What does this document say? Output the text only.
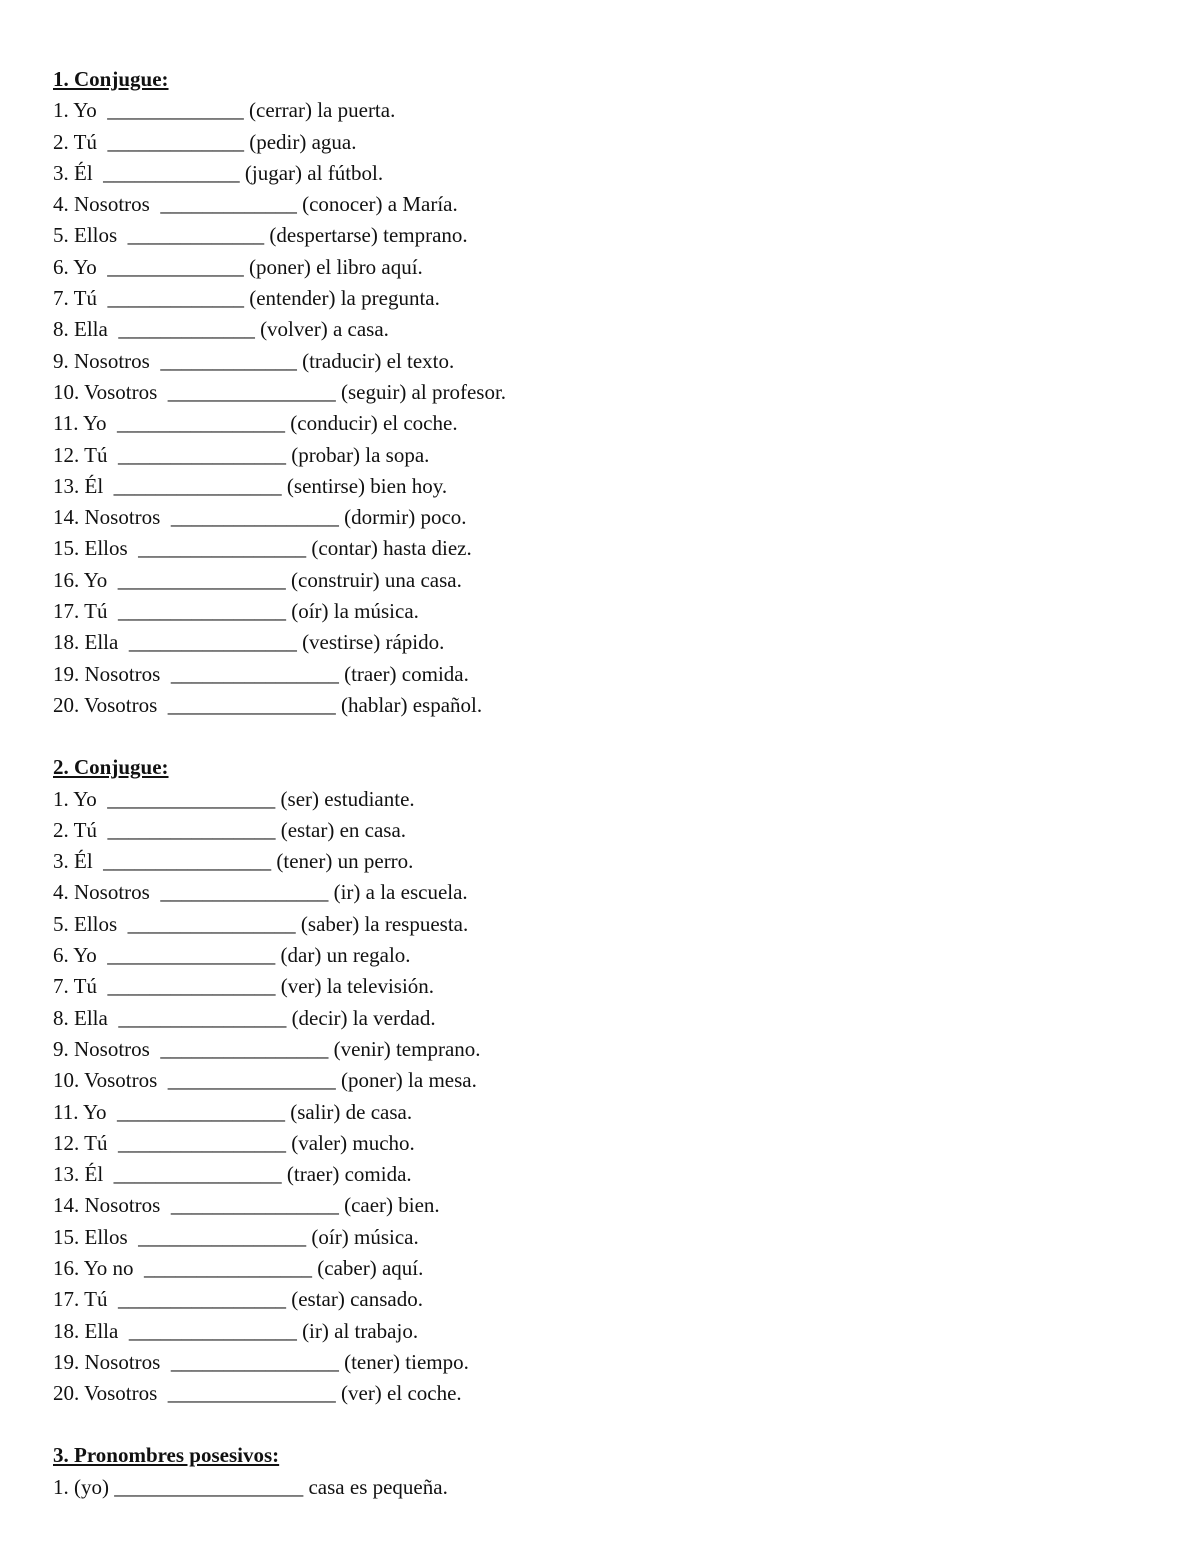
1. Conjugue:
1. Yo  _____________ (cerrar) la puerta.
2. Tú  _____________ (pedir) agua.
3. Él  _____________ (jugar) al fútbol.
4. Nosotros  _____________ (conocer) a María.
5. Ellos  _____________ (despertarse) temprano.
6. Yo  _____________ (poner) el libro aquí.
7. Tú  _____________ (entender) la pregunta.
8. Ella  _____________ (volver) a casa.
9. Nosotros  _____________ (traducir) el texto.
10. Vosotros  ________________ (seguir) al profesor.
11. Yo  ________________ (conducir) el coche.
12. Tú  ________________ (probar) la sopa.
13. Él  ________________ (sentirse) bien hoy.
14. Nosotros  ________________ (dormir) poco.
15. Ellos  ________________ (contar) hasta diez.
16. Yo  ________________ (construir) una casa.
17. Tú  ________________ (oír) la música.
18. Ella  ________________ (vestirse) rápido.
19. Nosotros  ________________ (traer) comida.
20. Vosotros  ________________ (hablar) español.
2. Conjugue:
1. Yo  ________________ (ser) estudiante.
2. Tú  ________________ (estar) en casa.
3. Él  ________________ (tener) un perro.
4. Nosotros  ________________ (ir) a la escuela.
5. Ellos  ________________ (saber) la respuesta.
6. Yo  ________________ (dar) un regalo.
7. Tú  ________________ (ver) la televisión.
8. Ella  ________________ (decir) la verdad.
9. Nosotros  ________________ (venir) temprano.
10. Vosotros  ________________ (poner) la mesa.
11. Yo  ________________ (salir) de casa.
12. Tú  ________________ (valer) mucho.
13. Él  ________________ (traer) comida.
14. Nosotros  ________________ (caer) bien.
15. Ellos  ________________ (oír) música.
16. Yo no  ________________ (caber) aquí.
17. Tú  ________________ (estar) cansado.
18. Ella  ________________ (ir) al trabajo.
19. Nosotros  ________________ (tener) tiempo.
20. Vosotros  ________________ (ver) el coche.
3. Pronombres posesivos:
1. (yo) __________________ casa es pequeña.
